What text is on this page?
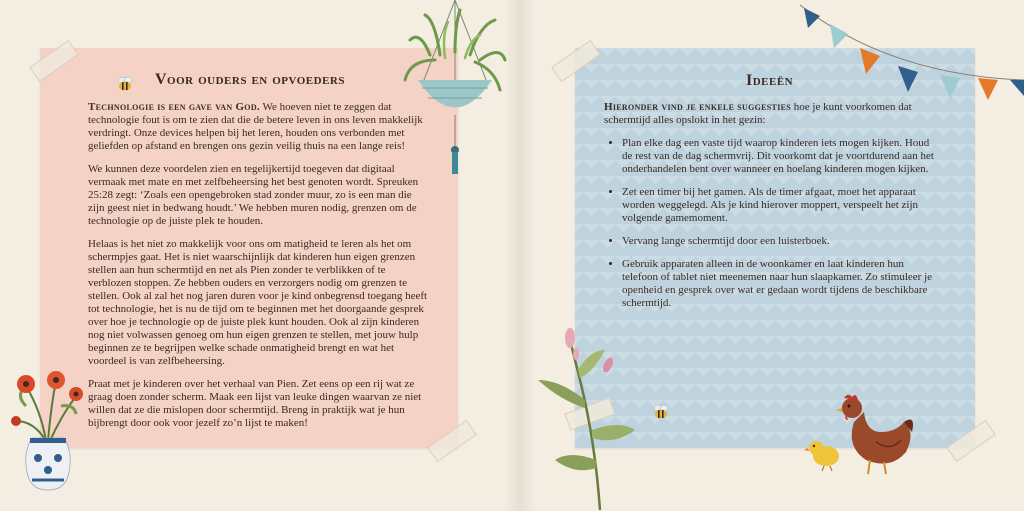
Voor ouders en opvoeders

Technologie is een gave van God. We hoeven niet te zeggen dat technologie fout is om te zien dat die de betere leven in ons leven makkelijk verdringt. Onze devices helpen bij het leren, houden ons verbonden met geliefden op afstand en brengen ons gezin veilig thuis na een lange reis!

We kunnen deze voordelen zien en tegelijkertijd toegeven dat digitaal vermaak met mate en met zelfbeheersing het best genoten wordt. Spreuken 25:28 zegt: ‘Zoals een opengebroken stad zonder muur, zo is een man die zijn geest niet in bedwang houdt.’ We hebben muren nodig, grenzen om de technologie op de juiste plek te houden.

Helaas is het niet zo makkelijk voor ons om matigheid te leren als het om schermpjes gaat. Het is niet waarschijnlijk dat kinderen hun eigen grenzen stellen aan hun schermtijd en net als Pien zonder te verblikken of te verblozen stoppen. Ze hebben ouders en verzorgers nodig om grenzen te stellen. Ook al zal het nog jaren duren voor je kind onbegrensd toegang heeft tot technologie, het is nu de tijd om te beginnen met het doorgaande gesprek over hoe je technologie op de juiste plek kunt houden. Ook al zijn kinderen nog niet volwassen genoeg om hun eigen grenzen te stellen, met jouw hulp beginnen ze te begrijpen welke schade onmatigheid brengt en wat het voordeel is van zelfbeheersing.

Praat met je kinderen over het verhaal van Pien. Zet eens op een rij wat ze graag doen zonder scherm. Maak een lijst van leuke dingen waarvan ze niet willen dat ze die mislopen door schermtijd. Breng in praktijk wat je hun bijbrengt door ook voor jezelf zo’n lijst te maken!

Ideeën

Hieronder vind je enkele suggesties hoe je kunt voorkomen dat schermtijd alles opslokt in het gezin:

• Plan elke dag een vaste tijd waarop kinderen iets mogen kijken. Houd de rest van de dag schermvrij. Dit voorkomt dat je voortdurend aan het onderhandelen bent over wanneer en hoelang kinderen mogen kijken.
• Zet een timer bij het gamen. Als de timer afgaat, moet het apparaat worden weggelegd. Als je kind hierover moppert, verspeelt het zijn volgende gamemoment.
• Vervang lange schermtijd door een luisterboek.
• Gebruik apparaten alleen in de woonkamer en laat kinderen hun telefoon of tablet niet meenemen naar hun slaapkamer. Zo stimuleer je openheid en gesprek over wat er gedaan wordt tijdens de beschikbare schermtijd.
